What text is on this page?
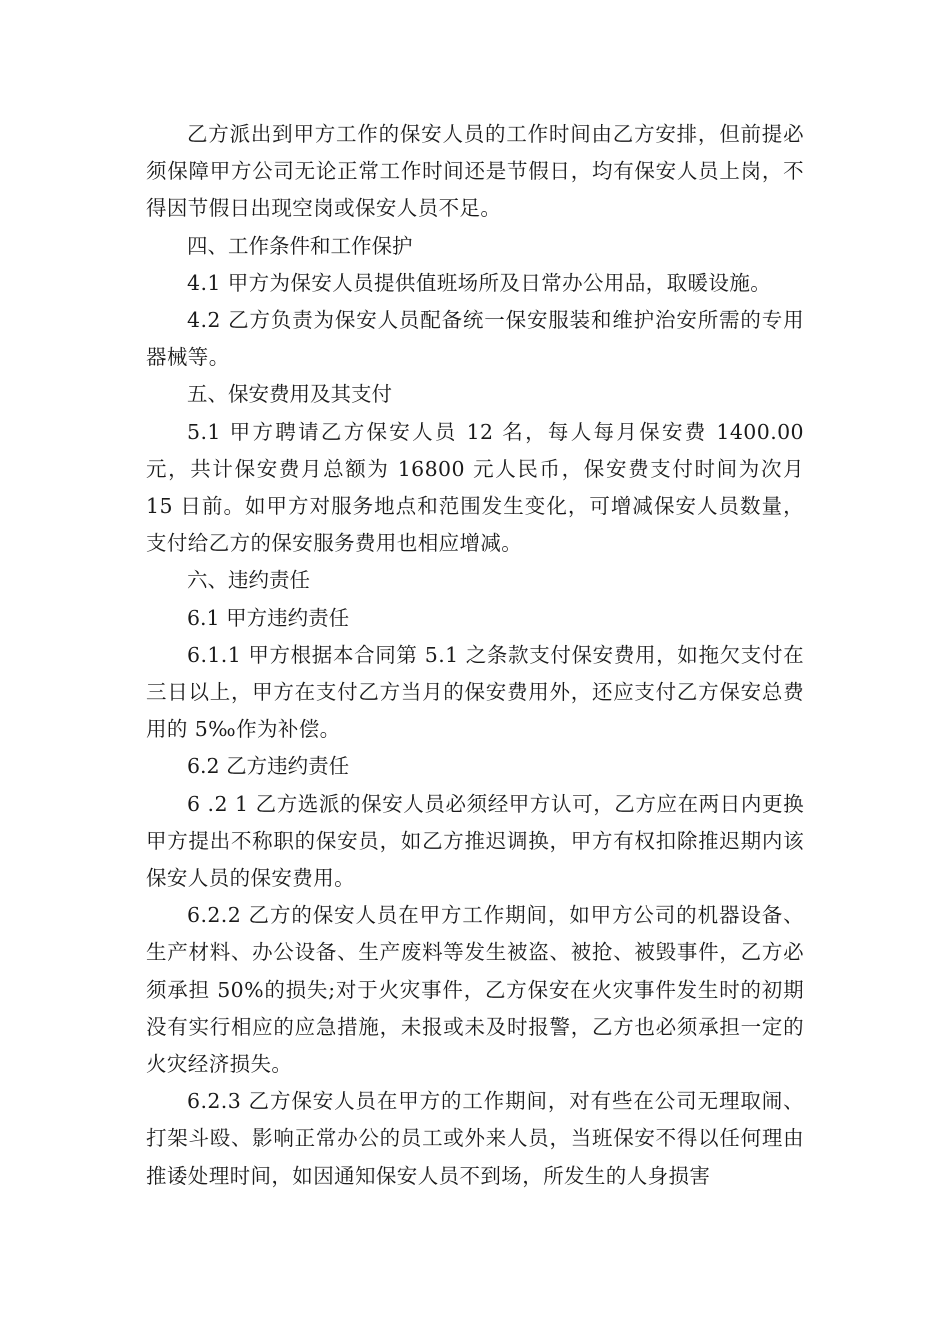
乙方派出到甲方工作的保安人员的工作时间由乙方安排，但前提必须保障甲方公司无论正常工作时间还是节假日，均有保安人员上岗，不得因节假日出现空岗或保安人员不足。

四、工作条件和工作保护

4.1 甲方为保安人员提供值班场所及日常办公用品，取暖设施。

4.2 乙方负责为保安人员配备统一保安服装和维护治安所需的专用器械等。

五、保安费用及其支付

5.1 甲方聘请乙方保安人员 12 名，每人每月保安费 1400.00 元，共计保安费月总额为 16800 元人民币，保安费支付时间为次月 15 日前。如甲方对服务地点和范围发生变化，可增减保安人员数量，支付给乙方的保安服务费用也相应增减。

六、违约责任

6.1 甲方违约责任

6.1.1 甲方根据本合同第 5.1 之条款支付保安费用，如拖欠支付在三日以上，甲方在支付乙方当月的保安费用外，还应支付乙方保安总费用的 5‰作为补偿。

6.2 乙方违约责任

6 .2 1 乙方选派的保安人员必须经甲方认可，乙方应在两日内更换甲方提出不称职的保安员，如乙方推迟调换，甲方有权扣除推迟期内该保安人员的保安费用。

6.2.2 乙方的保安人员在甲方工作期间，如甲方公司的机器设备、生产材料、办公设备、生产废料等发生被盗、被抢、被毁事件，乙方必须承担 50%的损失;对于火灾事件，乙方保安在火灾事件发生时的初期没有实行相应的应急措施，未报或未及时报警，乙方也必须承担一定的火灾经济损失。

6.2.3 乙方保安人员在甲方的工作期间，对有些在公司无理取闹、打架斗殴、影响正常办公的员工或外来人员，当班保安不得以任何理由推诿处理时间，如因通知保安人员不到场，所发生的人身损害
